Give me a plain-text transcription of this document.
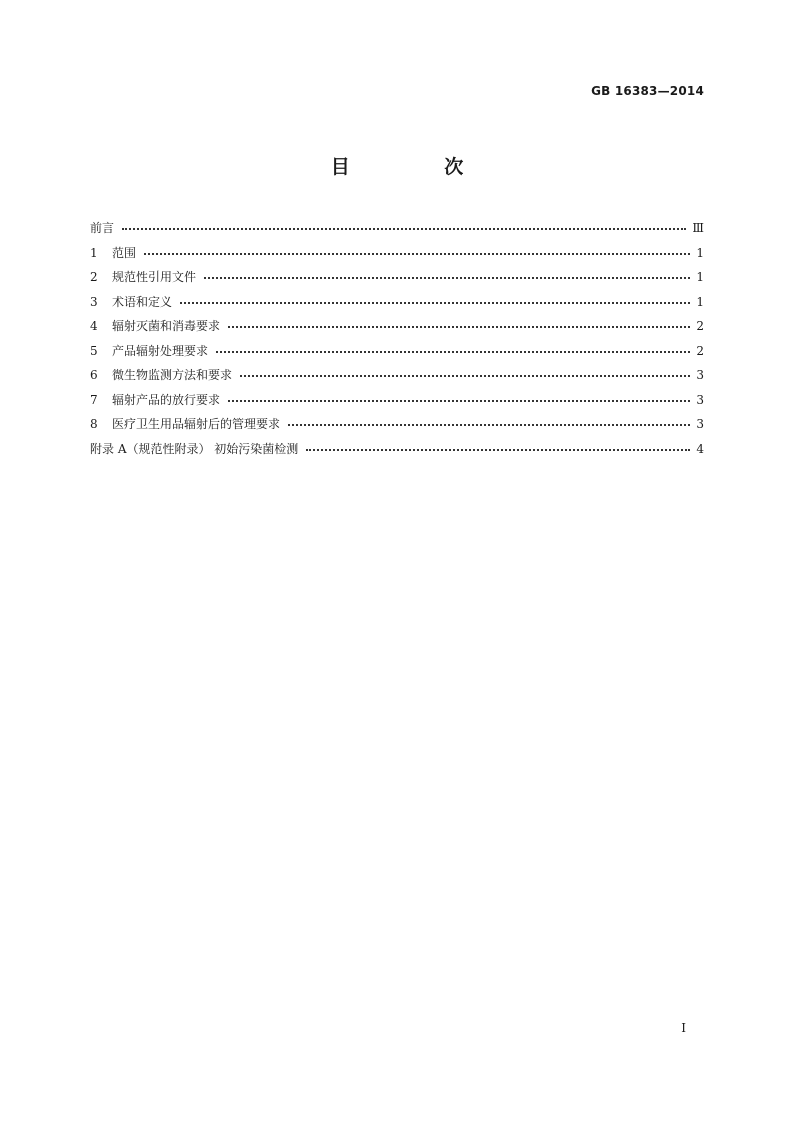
GB 16383—2014
目 次
前言	Ⅲ
1	范围	1
2	规范性引用文件	1
3	术语和定义	1
4	辐射灭菌和消毒要求	2
5	产品辐射处理要求	2
6	微生物监测方法和要求	3
7	辐射产品的放行要求	3
8	医疗卫生用品辐射后的管理要求	3
附录 A（规范性附录） 初始污染菌检测	4
Ⅰ
